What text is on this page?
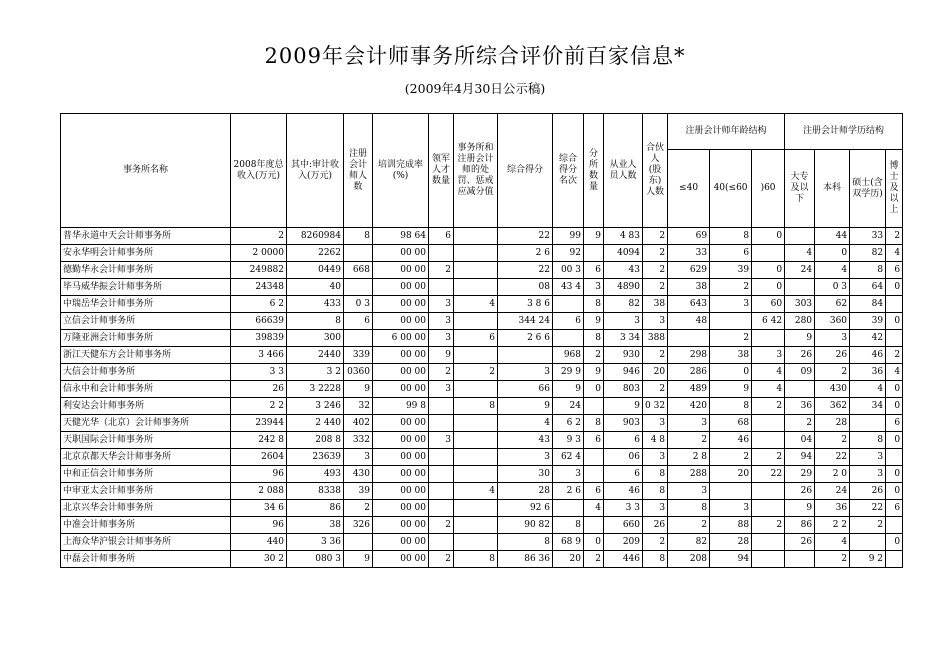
2009年会计师事务所综合评价前百家信息*
(2009年4月30日公示稿)
事务所名称	2008年度总收入(万元)	其中:审计收入(万元)	注册会计师人数	培训完成率(%)	领军人才数量	事务所和注册会计师的处罚、惩戒应减分值	综合得分	综合得分名次	分所数量	从业人员人数	合伙人(股东)人数	注册会计师年龄结构			注册会计师学历结构			
												≤40	40(≤60	)60	大专及以下	本科	硕士(含双学历)	博士及以上
普华永道中天会计师事务所	2	8260984	8	98 64	6		22	99	9	4 83	2	69	8	0		44	33	2
安永华明会计师事务所	2 0000	2262		00 00			2 6	92		4094	2	33	6		4	0	82	4
德勤华永会计师事务所	249882	0449	668	00 00	2		22	00 3	6	43	2	629	39	0	24	4	8	6
毕马威华振会计师事务所	24348	40		00 00			08	43 4	3	4890	2	38	2	0		0 3	64	0
中瑞岳华会计师事务所	6 2	433	0 3	00 00	3	4	3 8 6		8	82	38	643	3	60	303	62	84	
立信会计师事务所	66639	8	6	00 00	3		344 24	6	9	3	3	48		6 42	280	360	39	0
万隆亚洲会计师事务所	39839	300		6 00 00	3	6	2 6 6		8	3 34	388		2		9	3	42	
浙江天健东方会计师事务所	3 466	2440	339	00 00	9			968	2	930	2	298	38	3	26	26	46	2
大信会计师事务所	3 3	3 2	0360	00 00	2	2	3	29 9	9	946	20	286	0	4	09	2	36	4
信永中和会计师事务所	26	3 2228	9	00 00	3		66	9	0	803	2	489	9	4		430	4	0
利安达会计师事务所	2 2	3 246	32	99 8		8	9	24		9	0 32	420	8	2	36	362	34	0
天健光华（北京）会计师事务所	23944	2 440	402	00 00			4	6 2	8	903	3	3	68		2	28		6
天职国际会计师事务所	242 8	208 8	332	00 00	3		43	9 3	6	6	4 8	2	46		04	2	8	0
北京京都天华会计师事务所	2604	23639	3	00 00			3	62 4		06	3	2 8	2	2	94	22	3	
中和正信会计师事务所	96	493	430	00 00			30	3		6	8	288	20	22	29	2 0	3	0
中审亚太会计师事务所	2 088	8338	39	00 00		4	28	2 6	6	46	8	3			26	24	26	0
北京兴华会计师事务所	34 6	86	2	00 00			92 6		4	3 3	3	8	3		9	36	22	6
中准会计师事务所	96	38	326	00 00	2		90 82	8		660	26	2	88	2	86	2 2	2	
上海众华沪银会计师事务所	440	3 36		00 00			8	68 9	0	209	2	82	28		26	4		0
中磊会计师事务所	30 2	080 3	9	00 00	2	8	86 36	20	2	446	8	208	94			2	9 2	
